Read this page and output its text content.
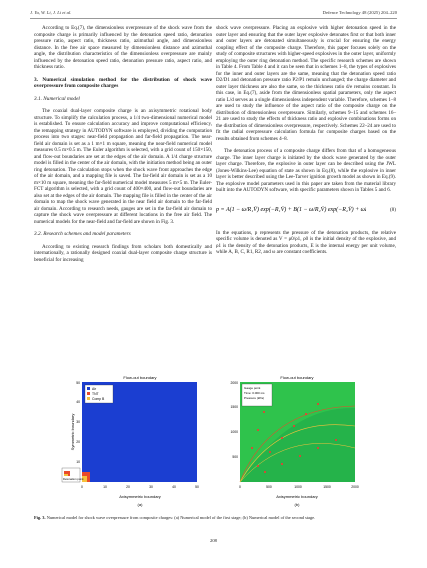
J. Yu, W. Li, J. Li et al.	Defence Technology 48 (2025) 204–220

According to Eq.(7), the dimensionless overpressure of the shock wave from the composite charge is primarily influenced by the detonation speed ratio, detonation pressure ratio, aspect ratio, thickness ratio, azimuthal angle, and dimensionless distance. In the free air space measured by dimensionless distance and azimuthal angle, the distribution characteristics of the dimensionless overpressure are mainly influenced by the detonation speed ratio, detonation pressure ratio, aspect ratio, and thickness ratio.

3. Numerical simulation method for the distribution of shock wave overpressure from composite charges
3.1. Numerical model

The coaxial dual-layer composite charge is an axisymmetric rotational body structure. To simplify the calculation process, a 1/4 two-dimensional numerical model is established. To ensure calculation accuracy and improve computational efficiency, the remapping strategy in AUTODYN software is employed, dividing the computation process into two stages: near-field propagation and far-field propagation. The near-field air domain is set as a 1 m×1 m square, meaning the near-field numerical model measures 0.5 m×0.5 m. The Euler algorithm is selected, with a grid count of 150×150, and flow-out boundaries are set at the edges of the air domain. A 1/4 charge structure model is filled in the center of the air domain, with the initiation method being an outer ring detonation. The calculation stops when the shock wave front approaches the edge of the air domain, and a mapping file is saved. The far-field air domain is set as a 10 m×10 m square, meaning the far-field numerical model measures 5 m×5 m. The Euler-FCT algorithm is selected, with a grid count of 400×400, and flow-out boundaries are also set at the edges of the air domain. The mapping file is filled in the center of the air domain to map the shock wave generated in the near field air domain to the far-field air domain. According to research needs, gauges are set in the far-field air domain to capture the shock wave overpressure at different locations in the free air field. The numerical models for the near-field and far-field are shown in Fig. 3.

3.2. Research schemes and model parameters

According to existing research findings from scholars both domestically and internationally, a rationally designed coaxial dual-layer composite charge structure is beneficial for increasing

shock wave overpressure. Placing an explosive with higher detonation speed in the outer layer and ensuring that the outer layer explosive detonates first or that both inner and outer layers are detonated simultaneously is crucial for ensuring the energy coupling effect of the composite charge. Therefore, this paper focuses solely on the study of composite structures with higher-speed explosives in the outer layer, uniformly employing the outer ring detonation method. The specific research schemes are shown in Table 4. From Table 4 and it can be seen that in schemes 1–8, the types of explosives for the inner and outer layers are the same, meaning that the detonation speed ratio D2/D1 and detonation pressure ratio P2/P1 remain unchanged; the charge diameter and outer layer thickness are also the same, so the thickness ratio d/e remains constant. In this case, in Eq.(7), aside from the dimensionless spatial parameters, only the aspect ratio L/d serves as a single dimensionless independent variable. Therefore, schemes 1–8 are used to study the influence of the aspect ratio of the composite charge on the distribution of dimensionless overpressure. Similarly, schemes 9–15 and schemes 16–21 are used to study the effects of thickness ratio and explosive combinations forms on the distribution of dimensionless overpressure, respectively. Schemes 22–24 are used to fit the radial overpressure calculation formula for composite charges based on the results obtained from schemes 4–8.

The detonation process of a composite charge differs from that of a homogeneous charge. The inner layer charge is initiated by the shock wave generated by the outer layer charge. Therefore, the explosive in outer layer can be described using the JWL (Jones-Wilkins-Lee) equation of state as shown in Eq.(8), while the explosive in inner layer is better described using the Lee-Tarver ignition growth model as shown in Eq.(9). The explosive model parameters used in this paper are taken from the material library built into the AUTODYN software, with specific parameters shown in Tables 5 and 6.

p = A(1 − ω/R₁V̄) exp(−R₁V̄) + B(1 − ω/R₂V̄) exp(−R₂V̄) + ωE/V̄	(8)

In the equations, p represents the pressure of the detonation products, the relative specific volume is denoted as V = ρ0/ρ1, ρ0 is the initial density of the explosive, and ρ1 is the density of the detonation products, E is the internal energy per unit volume, while A, B, C, R1, R2, and ω are constant coefficients.

Flow-out boundary
Symmetric boundary
Axisymmetric boundary
(a)
Air
TNT
Comp B
Detonation point
0	10	20	30	40	50
10
20
30
40
50
Gauge point
Time: 0.000 ms
Pressure (kPa)
Flow-out boundary
Axisymmetric boundary
(b)
0	500	1000	1500	2000
500
1000
1500
2000
Fig. 3. Numerical model for shock wave overpressure from composite charges: (a) Numerical model of the first stage; (b) Numerical model of the second stage.
208
